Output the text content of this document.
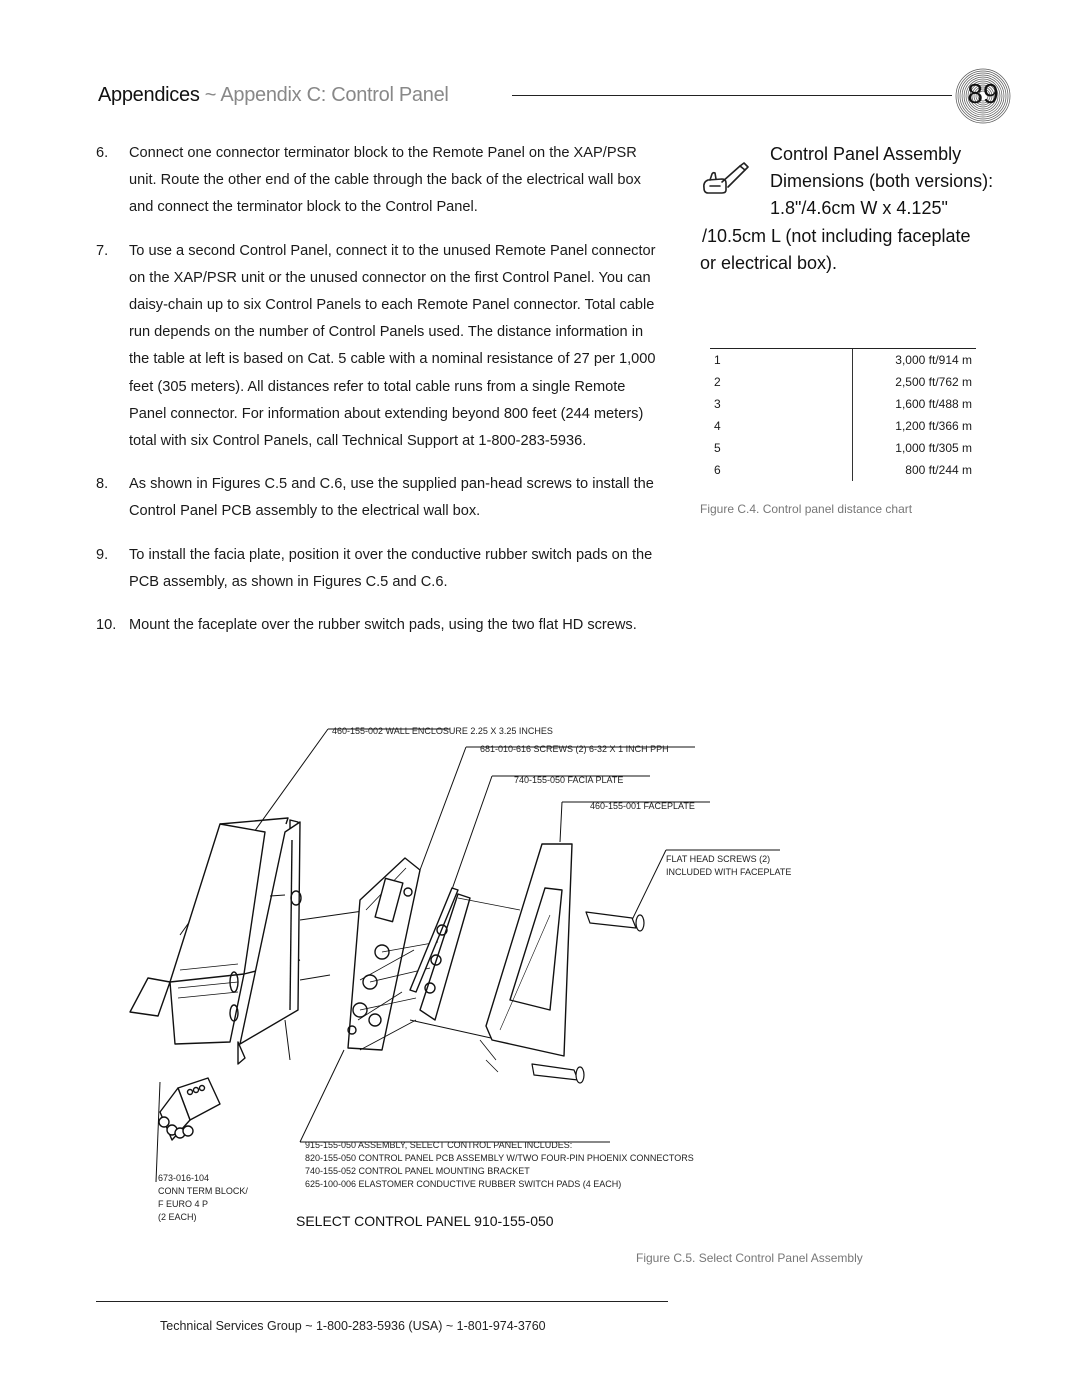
Appendices ~ Appendix C: Control Panel	89
6.	Connect one connector terminator block to the Remote Panel on the XAP/PSR unit. Route the other end of the cable through the back of the electrical wall box and connect the terminator block to the Control Panel.
7.	To use a second Control Panel, connect it to the unused Remote Panel connector on the XAP/PSR unit or the unused connector on the first Control Panel. You can daisy-chain up to six Control Panels to each Remote Panel connector. Total cable run depends on the number of Control Panels used. The distance information in the table at left is based on Cat. 5 cable with a nominal resistance of 27 per 1,000 feet (305 meters). All distances refer to total cable runs from a single Remote Panel connector. For information about extending beyond 800 feet (244 meters) total with six Control Panels, call Technical Support at 1-800-283-5936.
8.	As shown in Figures C.5 and C.6, use the supplied pan-head screws to install the Control Panel PCB assembly to the electrical wall box.
9.	To install the facia plate, position it over the conductive rubber switch pads on the PCB assembly, as shown in Figures C.5 and C.6.
10. Mount the faceplate over the rubber switch pads, using the two flat HD screws.
Control Panel Assembly
Dimensions (both versions):
1.8"/4.6cm W x 4.125"
/10.5cm L (not including faceplate
or electrical box).
1	3,000 ft/914 m
2	2,500 ft/762 m
3	1,600 ft/488 m
4	1,200 ft/366 m
5	1,000 ft/305 m
6	800 ft/244 m
Figure C.4. Control panel distance chart
460-155-002 WALL ENCLOSURE 2.25 X 3.25 INCHES
681-010-616 SCREWS (2) 6-32 X 1 INCH PPH
740-155-050 FACIA PLATE
460-155-001 FACEPLATE
FLAT HEAD SCREWS (2)
INCLUDED WITH FACEPLATE
915-155-050 ASSEMBLY, SELECT CONTROL PANEL INCLUDES:
820-155-050 CONTROL PANEL PCB ASSEMBLY W/TWO FOUR-PIN PHOENIX CONNECTORS
740-155-052 CONTROL PANEL MOUNTING BRACKET
625-100-006 ELASTOMER CONDUCTIVE RUBBER SWITCH PADS (4 EACH)
673-016-104
CONN TERM BLOCK/
F EURO 4 P
(2 EACH)	SELECT CONTROL PANEL 910-155-050
Figure C.5. Select Control Panel Assembly
Technical Services Group ~ 1-800-283-5936 (USA) ~ 1-801-974-3760
